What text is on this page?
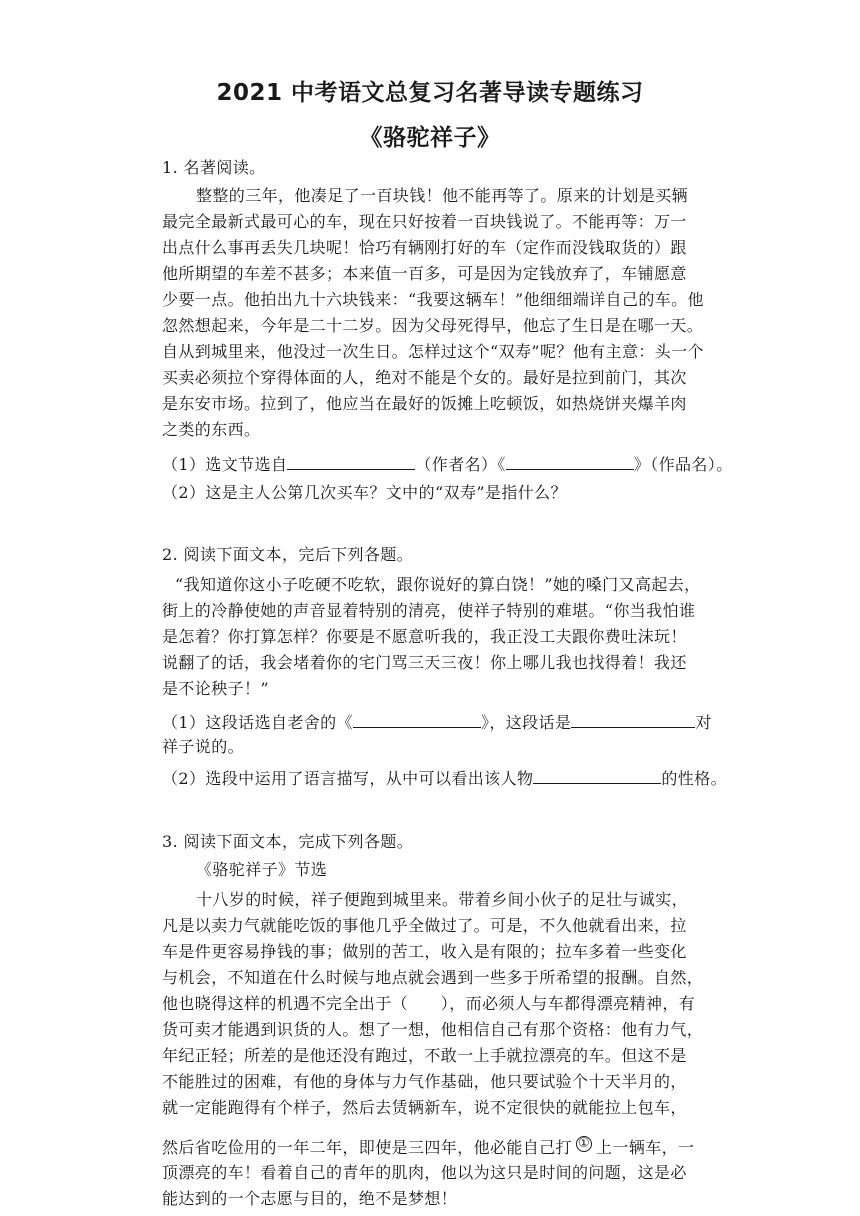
2021 中考语文总复习名著导读专题练习
《骆驼祥子》
1. 名著阅读。
整整的三年，他凑足了一百块钱！他不能再等了。原来的计划是买辆
最完全最新式最可心的车，现在只好按着一百块钱说了。不能再等：万一
出点什么事再丢失几块呢！恰巧有辆刚打好的车（定作而没钱取货的）跟
他所期望的车差不甚多；本来值一百多，可是因为定钱放弃了，车铺愿意
少要一点。他拍出九十六块钱来：“我要这辆车！”他细细端详自己的车。他
忽然想起来，今年是二十二岁。因为父母死得早，他忘了生日是在哪一天。
自从到城里来，他没过一次生日。怎样过这个“双寿”呢？他有主意：头一个
买卖必须拉个穿得体面的人，绝对不能是个女的。最好是拉到前门，其次
是东安市场。拉到了，他应当在最好的饭摊上吃顿饭，如热烧饼夹爆羊肉
之类的东西。
（1）选文节选自	（作者名）《	》（作品名）。
（2）这是主人公第几次买车？文中的“双寿”是指什么？
2. 阅读下面文本，完后下列各题。
“我知道你这小子吃硬不吃软，跟你说好的算白饶！”她的嗓门又高起去，
街上的冷静使她的声音显着特别的清亮，使祥子特别的难堪。“你当我怕谁
是怎着？你打算怎样？你要是不愿意听我的，我正没工夫跟你费吐沫玩！
说翻了的话，我会堵着你的宅门骂三天三夜！你上哪儿我也找得着！我还
是不论秧子！”
（1）这段话选自老舍的《	》，这段话是	对
祥子说的。
（2）选段中运用了语言描写，从中可以看出该人物	的性格。
3. 阅读下面文本，完成下列各题。
《骆驼祥子》节选
十八岁的时候，祥子便跑到城里来。带着乡间小伙子的足壮与诚实，
凡是以卖力气就能吃饭的事他几乎全做过了。可是，不久他就看出来，拉
车是件更容易挣钱的事；做别的苦工，收入是有限的；拉车多着一些变化
与机会，不知道在什么时候与地点就会遇到一些多于所希望的报酬。自然，
他也晓得这样的机遇不完全出于（　　），而必须人与车都得漂亮精神，有
货可卖才能遇到识货的人。想了一想，他相信自己有那个资格：他有力气，
年纪正轻；所差的是他还没有跑过，不敢一上手就拉漂亮的车。但这不是
不能胜过的困难，有他的身体与力气作基础，他只要试验个十天半月的，
就一定能跑得有个样子，然后去赁辆新车，说不定很快的就能拉上包车，
然后省吃俭用的一年二年，即使是三四年，他必能自己打 ① 上一辆车，一
顶漂亮的车！看着自己的青年的肌肉，他以为这只是时间的问题，这是必
能达到的一个志愿与目的，绝不是梦想！
